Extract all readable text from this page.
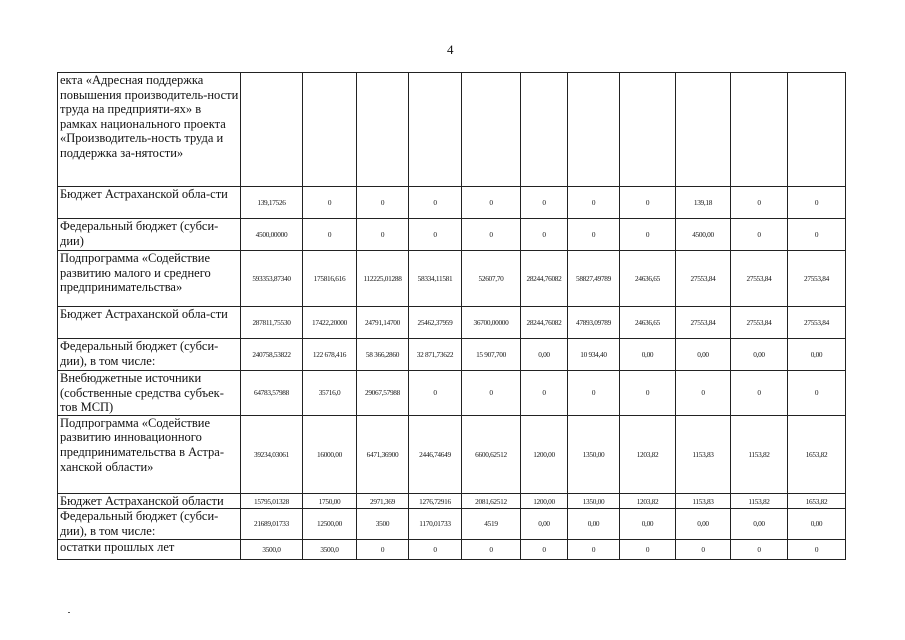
4
екта «Адресная поддержка повышения производитель-ности труда на предприяти-ях» в рамках национального проекта «Производитель-ность труда и поддержка за-нятости»											
Бюджет Астраханской обла-сти	139,17526	0	0	0	0	0	0	0	139,18	0	0
Федеральный бюджет (субси-дии)	4500,00000	0	0	0	0	0	0	0	4500,00	0	0
Подпрограмма «Содействие развитию малого и среднего предпринимательства»	593353,87340	175816,616	112225,01288	58334,11581	52607,70	28244,76082	58827,49789	24636,65	27553,84	27553,84	27553,84
Бюджет Астраханской обла-сти	287811,75530	17422,20000	24791,14700	25462,37959	36700,00000	28244,76082	47893,09789	24636,65	27553,84	27553,84	27553,84
Федеральный бюджет (субси-дии), в том числе:	240758,53822	122 678,416	58 366,2860	32 871,73622	15 907,700	0,00	10 934,40	0,00	0,00	0,00	0,00
Внебюджетные источники (собственные средства субъек-тов МСП)	64783,57988	35716,0	29067,57988	0	0	0	0	0	0	0	0
Подпрограмма «Содействие развитию инновационного предпринимательства в Астра-ханской области»	39234,03061	16000,00	6471,36900	2446,74649	6600,62512	1200,00	1350,00	1203,82	1153,83	1153,82	1653,82
Бюджет Астраханской области	15795,01328	1750,00	2971,369	1276,72916	2081,62512	1200,00	1350,00	1203,82	1153,83	1153,82	1653,82
Федеральный бюджет (субси-дии), в том числе:	21689,01733	12500,00	3500	1170,01733	4519	0,00	0,00	0,00	0,00	0,00	0,00
остатки прошлых лет	3500,0	3500,0	0	0	0	0	0	0	0	0	0
